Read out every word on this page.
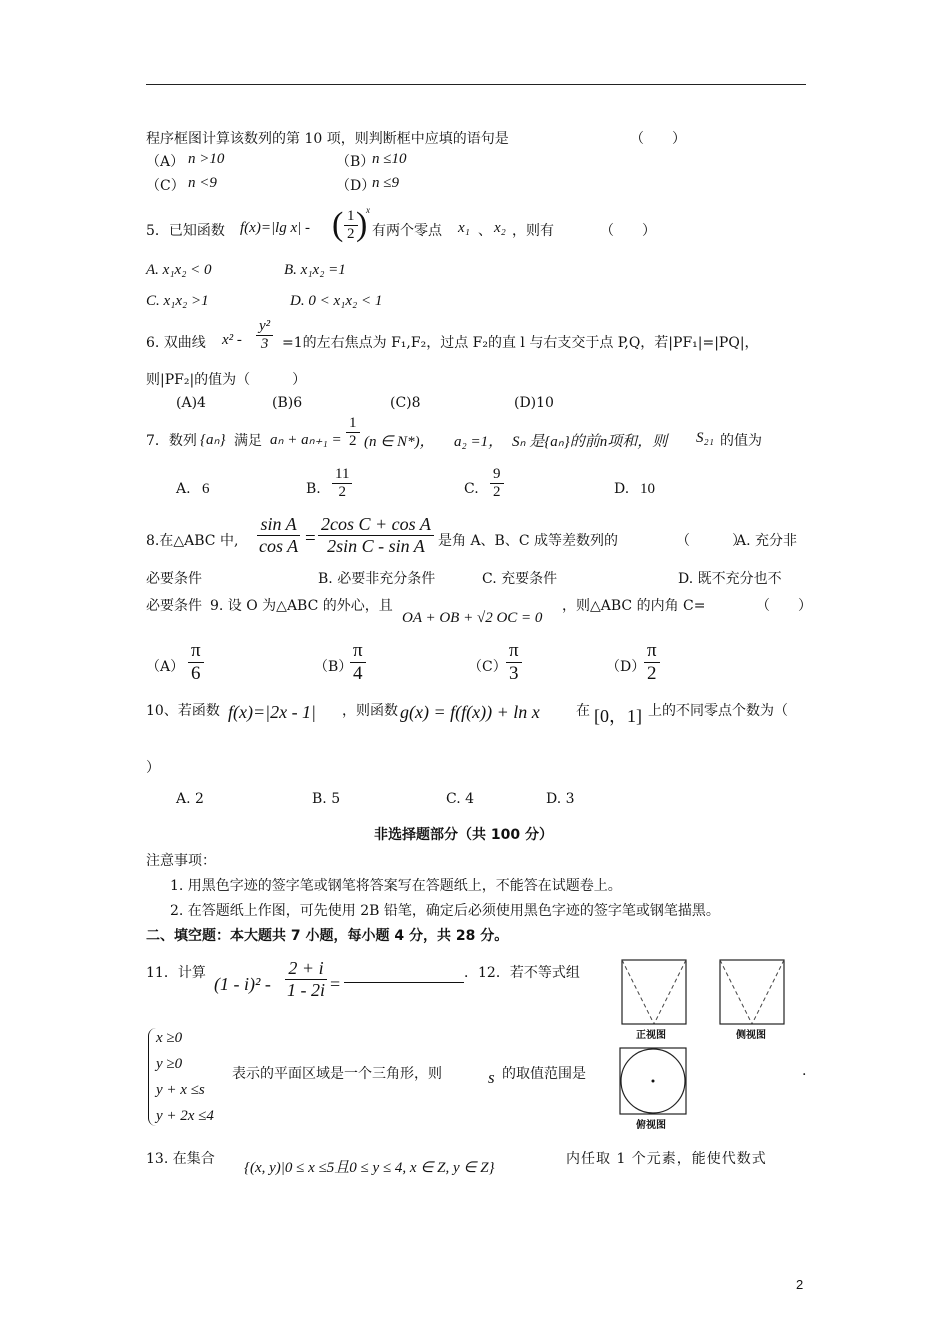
程序框图计算该数列的第 10 项，则判断框中应填的语句是	（　　）
（A） n >10	（B）
n ≤10
（C） n <9	（D）
n ≤9
5．已知函数 f(x)=|lg x| - ( $\frac{1}{2}$
)
x
有两个零点 x₁ 、 x₂ ，则有	（　　）
A. x₁x₂ < 0	B. x₁x₂ =1
C. x₁x₂ >1	D. 0 < x₁x₂ < 1
6. 双曲线 $x^2 - \frac{\text{y²}}{3} =1$的左右焦点为 F₁,F₂，过点 F₂的直 l 与右支交于点 P,Q，若|PF₁|=|PQ|，
则|PF₂|的值为（　　　）
(A)4	(B)6	(C)8	(D)10
7．数列 {aₙ} 满足 $a_n + a_{n+1} = \frac{1}{2} (n$ ∈ N*)， a₂ =1， Sₙ 是{aₙ}的前n项和，则 S₂₁ 的值为
A. 6	B. $\frac{11}{2}$	C. $\frac{9}{2}$	D. 10
8.在△ABC 中, $\frac{\text{sin A}}{\text{cos A}} = \frac{\text{2cos C + cos A}}{\text{2sin C - sin A}}$ 是角 A、B、C 成等差数列的	（　　　）
A. 充分非
必要条件	B. 必要非充分条件	C. 充要条件	D. 既不充分也不
必要条件 9. 设 O 为△ABC 的外心，且
OA + OB + √2 OC = 0
，则△ABC 的内角 C=	（　　）
$(A) \frac{\pi}{6}$	（B）
$\frac{\pi}{4}$	$(C) \frac{\pi}{3}$	（D）
$\frac{\pi}{2}$
10、若函数 f(x)=|2x - 1| ，则函数 g(x) = f(f(x)) + ln x	在 [0，1] 上的不同零点个数为（
）
A. 2	B. 5	C. 4	D. 3
非选择题部分（共 100 分）
注意事项：
1. 用黑色字迹的签字笔或钢笔将答案写在答题纸上，不能答在试题卷上。
2. 在答题纸上作图，可先使用 2B 铅笔，确定后必须使用黑色字迹的签字笔或钢笔描黑。
二、填空题：本大题共 7 小题，每小题 4 分，共 28 分。
11．计算
$(1 - i)^2 - \frac{2 + i}{1 - 2i}$ =
．12．若不等式组
x ≥0
y ≥0
y + x ≤s
y + 2x ≤4
表示的平面区域是一个三角形，则	s 的取值范围是	.
正视图	侧视图
俯视图
13. 在集合
{(x, y)|0 ≤ x ≤5且0 ≤ y ≤ 4, x ∈ Z, y ∈ Z}
内任取 1 个元素，能使代数式
2
